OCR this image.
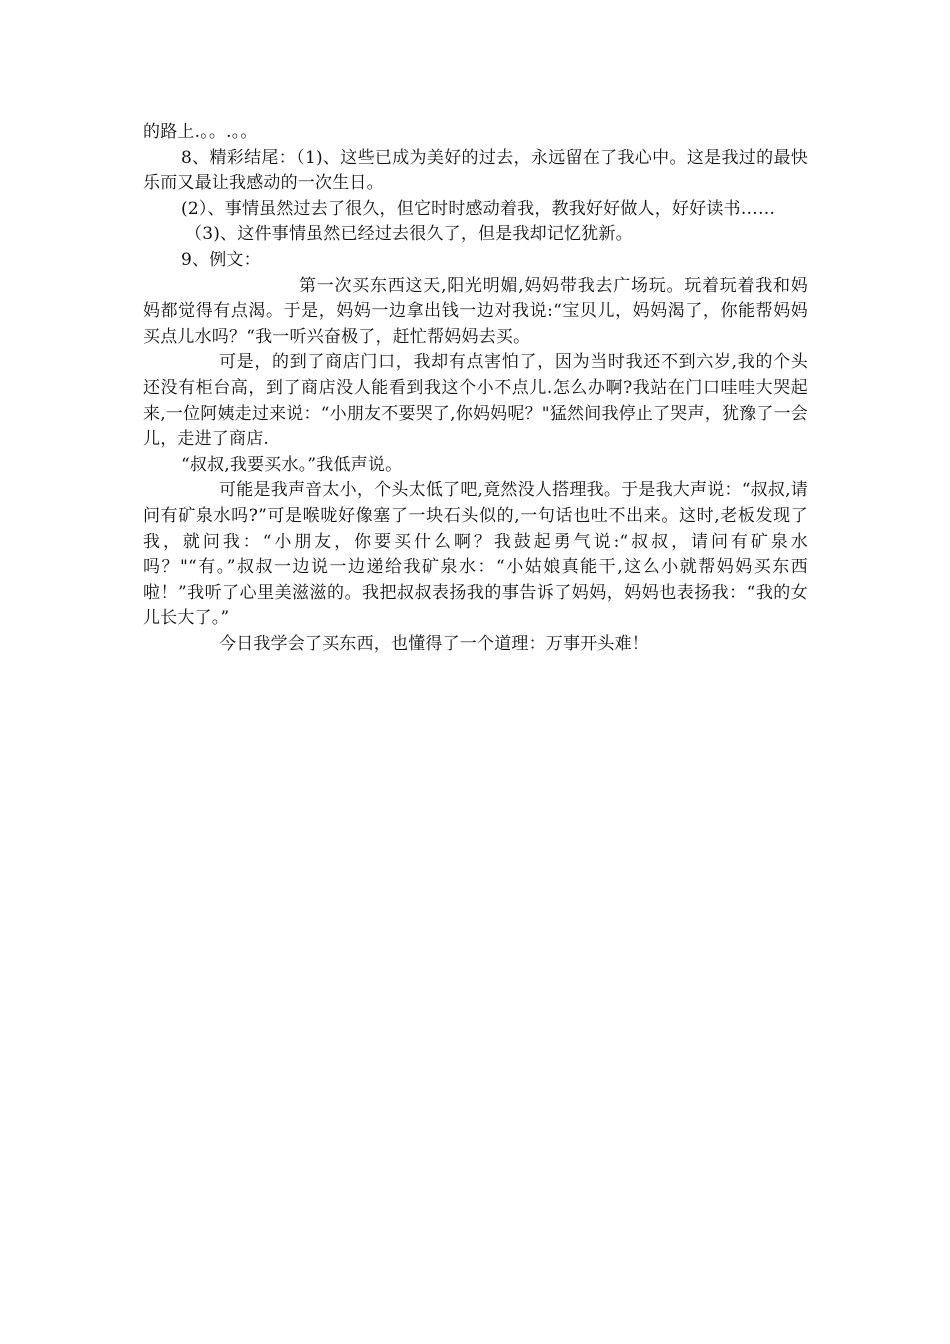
的路上.。。.。。

8、精彩结尾：（1)、这些已成为美好的过去，永远留在了我心中。这是我过的最快乐而又最让我感动的一次生日。

(2）、事情虽然过去了很久，但它时时感动着我，教我好好做人，好好读书……

（3)、这件事情虽然已经过去很久了，但是我却记忆犹新。

9、例文：

第一次买东西这天,阳光明媚,妈妈带我去广场玩。玩着玩着我和妈妈都觉得有点渴。于是，妈妈一边拿出钱一边对我说:“宝贝儿，妈妈渴了，你能帮妈妈买点儿水吗？“我一听兴奋极了，赶忙帮妈妈去买。

可是，的到了商店门口，我却有点害怕了，因为当时我还不到六岁,我的个头还没有柜台高，到了商店没人能看到我这个小不点儿.怎么办啊?我站在门口哇哇大哭起来,一位阿姨走过来说：“小朋友不要哭了,你妈妈呢？"猛然间我停止了哭声，犹豫了一会儿，走进了商店.

“叔叔,我要买水。”我低声说。

可能是我声音太小，个头太低了吧,竟然没人搭理我。于是我大声说：“叔叔,请问有矿泉水吗?”可是喉咙好像塞了一块石头似的,一句话也吐不出来。这时,老板发现了我，就问我：“小朋友，你要买什么啊？我鼓起勇气说:“叔叔，请问有矿泉水吗？"“有。”叔叔一边说一边递给我矿泉水：“小姑娘真能干,这么小就帮妈妈买东西啦！”我听了心里美滋滋的。我把叔叔表扬我的事告诉了妈妈，妈妈也表扬我：“我的女儿长大了。”

今日我学会了买东西，也懂得了一个道理：万事开头难！
